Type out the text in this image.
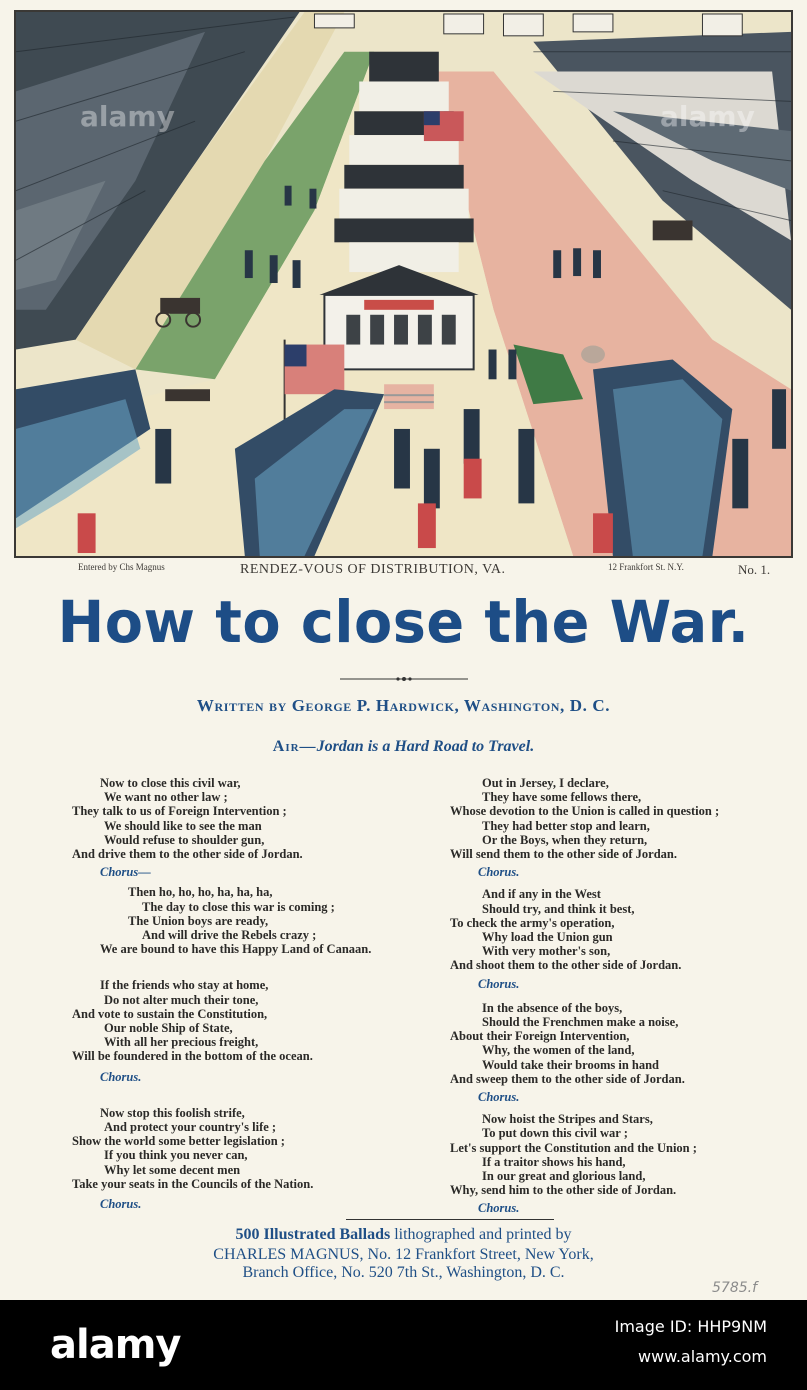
Entered by Chs Magnus	RENDEZ-VOUS OF DISTRIBUTION, VA.	12 Frankfort St. N.Y.	No. 1.
How to close the War.
Written by George P. Hardwick, Washington, D. C.
Air—Jordan is a Hard Road to Travel.
Now to close this civil war,
We want no other law ;
They talk to us of Foreign Intervention ;
We should like to see the man
Would refuse to shoulder gun,
And drive them to the other side of Jordan.
Chorus—
Then ho, ho, ho, ha, ha, ha,
The day to close this war is coming ;
The Union boys are ready,
And will drive the Rebels crazy ;
We are bound to have this Happy Land of Canaan.
If the friends who stay at home,
Do not alter much their tone,
And vote to sustain the Constitution,
Our noble Ship of State,
With all her precious freight,
Will be foundered in the bottom of the ocean.
Chorus.
Now stop this foolish strife,
And protect your country's life ;
Show the world some better legislation ;
If you think you never can,
Why let some decent men
Take your seats in the Councils of the Nation.
Chorus.
Out in Jersey, I declare,
They have some fellows there,
Whose devotion to the Union is called in question ;
They had better stop and learn,
Or the Boys, when they return,
Will send them to the other side of Jordan.
Chorus.
And if any in the West
Should try, and think it best,
To check the army's operation,
Why load the Union gun
With very mother's son,
And shoot them to the other side of Jordan.
Chorus.
In the absence of the boys,
Should the Frenchmen make a noise,
About their Foreign Intervention,
Why, the women of the land,
Would take their brooms in hand
And sweep them to the other side of Jordan.
Chorus.
Now hoist the Stripes and Stars,
To put down this civil war ;
Let's support the Constitution and the Union ;
If a traitor shows his hand,
In our great and glorious land,
Why, send him to the other side of Jordan.
Chorus.
500 Illustrated Ballads lithographed and printed by
CHARLES MAGNUS, No. 12 Frankfort Street, New York,
Branch Office, No. 520 7th St., Washington, D. C.
5785.f
alamy	alamy
alamy	Image ID: HHP9NM
www.alamy.com
